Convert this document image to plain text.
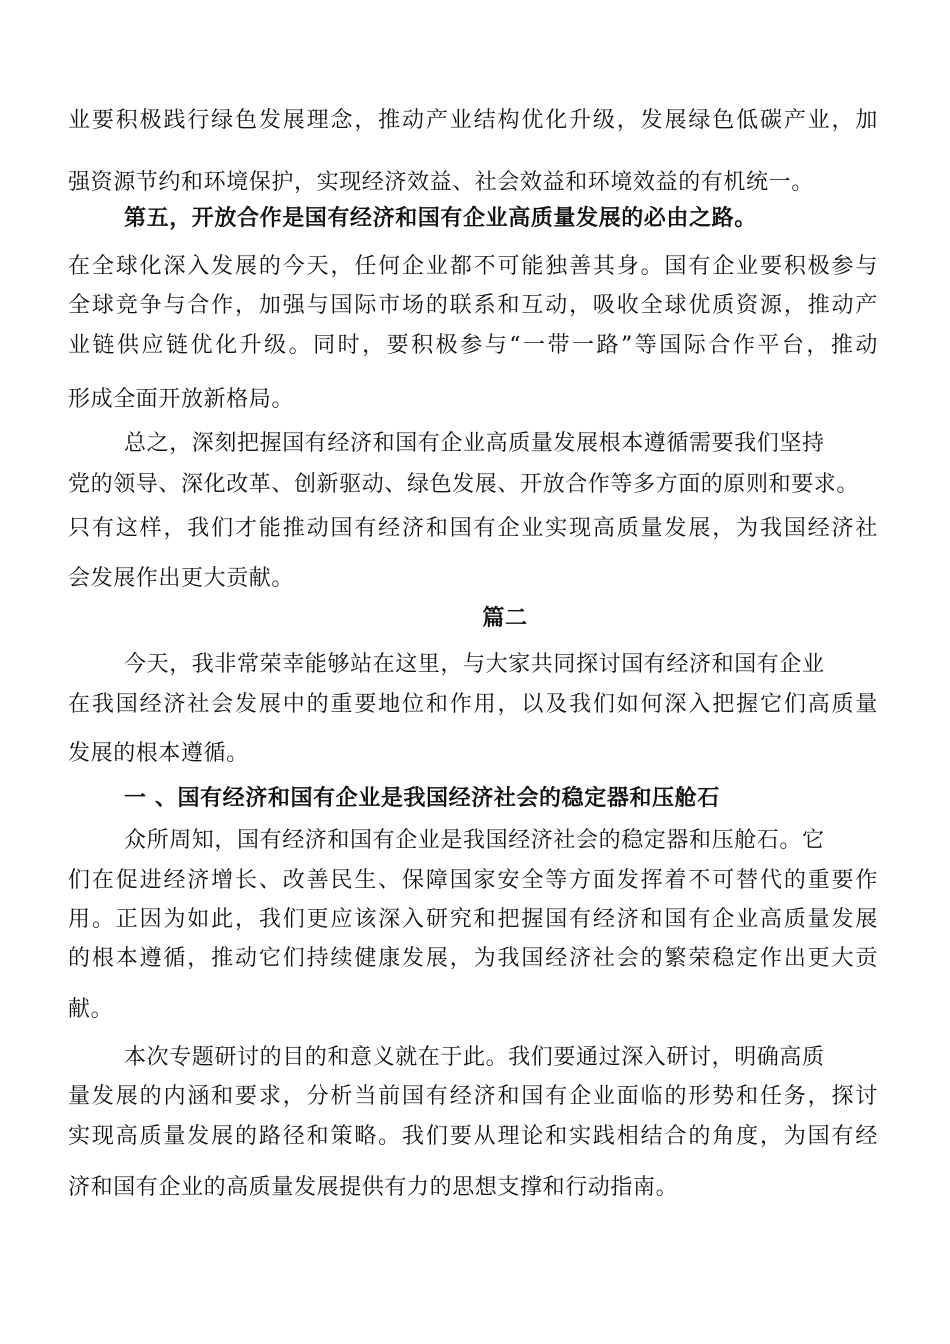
业要积极践行绿色发展理念，推动产业结构优化升级，发展绿色低碳产业，加
强资源节约和环境保护，实现经济效益、社会效益和环境效益的有机统一。
第五，开放合作是国有经济和国有企业高质量发展的必由之路。
在全球化深入发展的今天，任何企业都不可能独善其身。国有企业要积极参与
全球竞争与合作，加强与国际市场的联系和互动，吸收全球优质资源，推动产
业链供应链优化升级。同时，要积极参与“一带一路”等国际合作平台，推动
形成全面开放新格局。
总之，深刻把握国有经济和国有企业高质量发展根本遵循需要我们坚持
党的领导、深化改革、创新驱动、绿色发展、开放合作等多方面的原则和要求。
只有这样，我们才能推动国有经济和国有企业实现高质量发展，为我国经济社
会发展作出更大贡献。
篇二
今天，我非常荣幸能够站在这里，与大家共同探讨国有经济和国有企业
在我国经济社会发展中的重要地位和作用，以及我们如何深入把握它们高质量
发展的根本遵循。
一 、国有经济和国有企业是我国经济社会的稳定器和压舱石
众所周知，国有经济和国有企业是我国经济社会的稳定器和压舱石。它
们在促进经济增长、改善民生、保障国家安全等方面发挥着不可替代的重要作
用。正因为如此，我们更应该深入研究和把握国有经济和国有企业高质量发展
的根本遵循，推动它们持续健康发展，为我国经济社会的繁荣稳定作出更大贡
献。
本次专题研讨的目的和意义就在于此。我们要通过深入研讨，明确高质
量发展的内涵和要求，分析当前国有经济和国有企业面临的形势和任务，探讨
实现高质量发展的路径和策略。我们要从理论和实践相结合的角度，为国有经
济和国有企业的高质量发展提供有力的思想支撑和行动指南。
